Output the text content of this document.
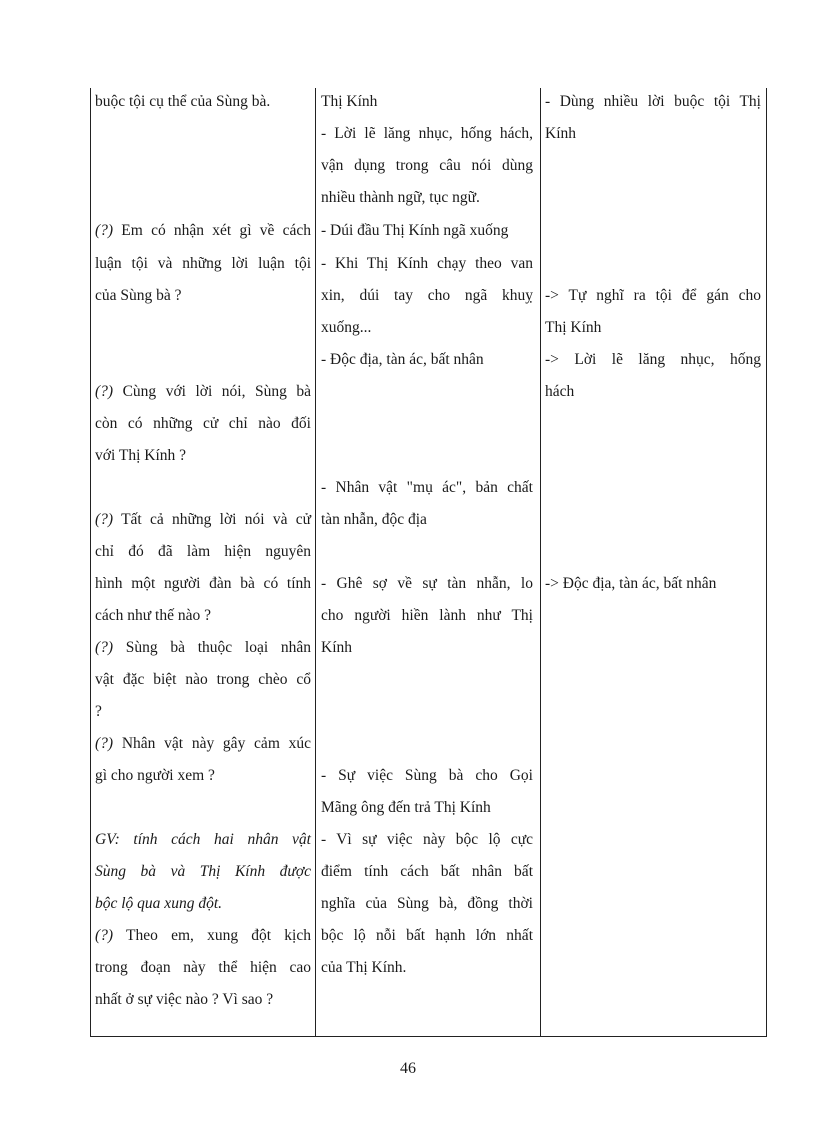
buộc tội cụ thể của Sùng bà.
(?) Em có nhận xét gì về cách
luận tội và những lời luận tội
của Sùng bà ?
(?) Cùng với lời nói, Sùng bà
còn có những cử chỉ nào đối
với Thị Kính ?
(?) Tất cả những lời nói và cử
chỉ đó đã làm hiện nguyên
hình một người đàn bà có tính
cách như thế nào ?
(?) Sùng bà thuộc loại nhân
vật đặc biệt nào trong chèo cổ
?
(?) Nhân vật này gây cảm xúc
gì cho người xem ?
GV: tính cách hai nhân vật
Sùng bà và Thị Kính được
bộc lộ qua xung đột.
(?) Theo em, xung đột kịch
trong đoạn này thể hiện cao
nhất ở sự việc nào ? Vì sao ?
Thị Kính
- Lời lẽ lăng nhục, hống hách,
vận dụng trong câu nói dùng
nhiều thành ngữ, tục ngữ.
- Dúi đầu Thị Kính ngã xuống
- Khi Thị Kính chạy theo van
xin, dúi tay cho ngã khuỵ
xuống...
- Độc địa, tàn ác, bất nhân
- Nhân vật "mụ ác", bản chất
tàn nhẫn, độc địa
- Ghê sợ về sự tàn nhẫn, lo
cho người hiền lành như Thị
Kính
- Sự việc Sùng bà cho Gọi
Mãng ông đến trả Thị Kính
- Vì sự việc này bộc lộ cực
điểm tính cách bất nhân bất
nghĩa của Sùng bà, đồng thời
bộc lộ nỗi bất hạnh lớn nhất
của Thị Kính.
- Dùng nhiều lời buộc tội Thị
Kính
-> Tự nghĩ ra tội để gán cho
Thị Kính
-> Lời lẽ lăng nhục, hống
hách
-> Độc địa, tàn ác, bất nhân
46
